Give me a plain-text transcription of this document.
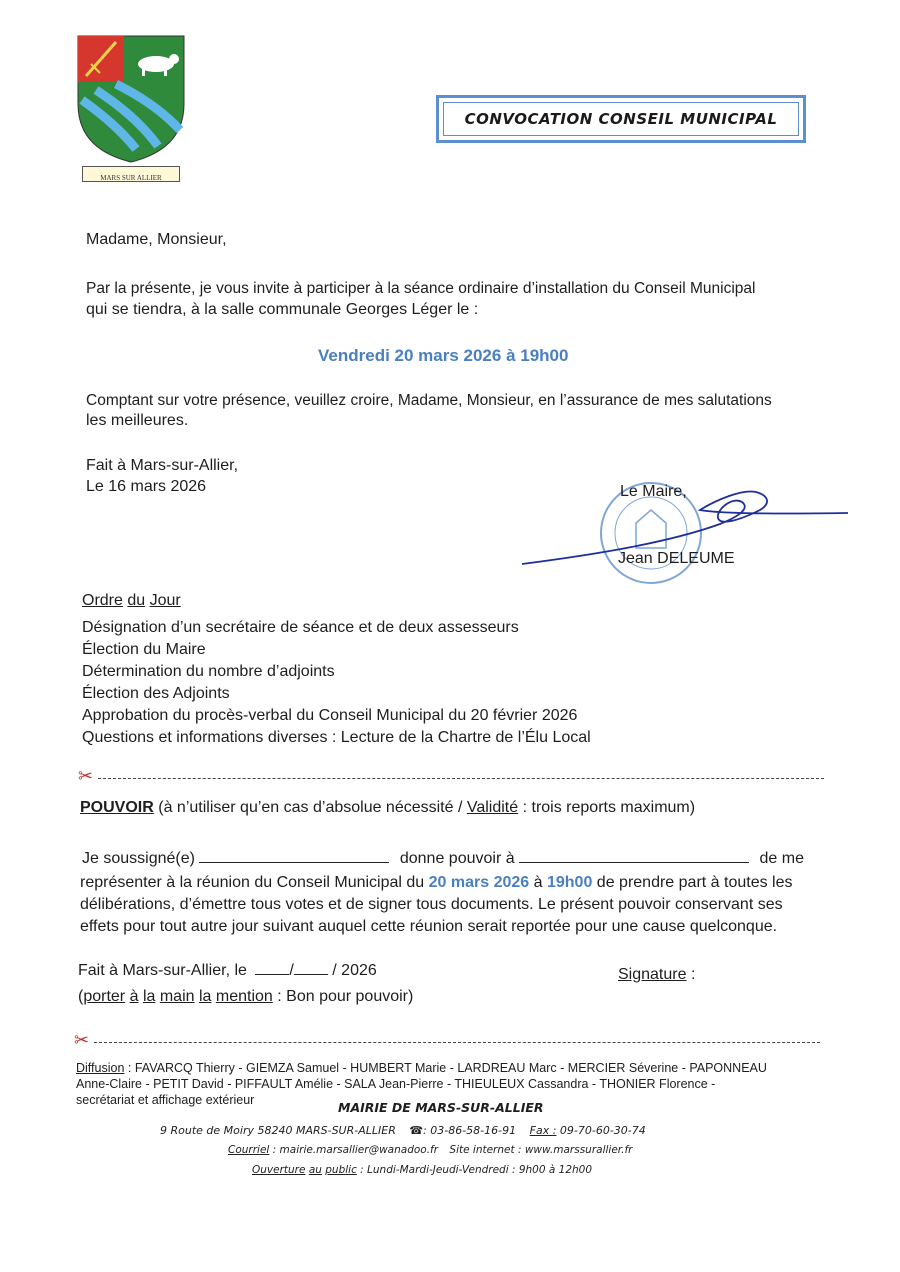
MARS SUR ALLIER
CONVOCATION CONSEIL MUNICIPAL
Madame, Monsieur,
Par la présente, je vous invite à participer à la séance ordinaire d’installation du Conseil Municipal
qui se tiendra, à la salle communale Georges Léger le :
Vendredi 20 mars 2026 à 19h00
Comptant sur votre présence, veuillez croire, Madame, Monsieur, en l’assurance de mes salutations
les meilleures.
Fait à Mars-sur-Allier,
Le 16 mars 2026	Le Maire,
Jean DELEUME
Ordre du Jour
Désignation d’un secrétaire de séance et de deux assesseurs
Élection du Maire
Détermination du nombre d’adjoints
Élection des Adjoints
Approbation du procès-verbal du Conseil Municipal du 20 février 2026
Questions et informations diverses : Lecture de la Chartre de l’Élu Local
✂
POUVOIR (à n’utiliser qu’en cas d’absolue nécessité / Validité : trois reports maximum)
Je soussigné(e)	donne pouvoir à	de me
représenter à la réunion du Conseil Municipal du 20 mars 2026 à 19h00 de prendre part à toutes les
délibérations, d’émettre tous votes et de signer tous documents. Le présent pouvoir conservant ses
effets pour tout autre jour suivant auquel cette réunion serait reportée pour une cause quelconque.
Fait à Mars-sur-Allier, le	/ / 2026	Signature :
(porter à la main la mention : Bon pour pouvoir)
✂
Diffusion : FAVARCQ Thierry - GIEMZA Samuel - HUMBERT Marie - LARDREAU Marc - MERCIER Séverine - PAPONNEAU
Anne-Claire - PETIT David - PIFFAULT Amélie - SALA Jean-Pierre - THIEULEUX Cassandra - THONIER Florence -
secrétariat et affichage extérieur	MAIRIE DE MARS-SUR-ALLIER
9 Route de Moiry 58240 MARS-SUR-ALLIER ☎: 03-86-58-16-91 Fax : 09-70-60-30-74
Courriel : mairie.marsallier@wanadoo.fr Site internet : www.marssurallier.fr
Ouverture au public : Lundi-Mardi-Jeudi-Vendredi : 9h00 à 12h00
